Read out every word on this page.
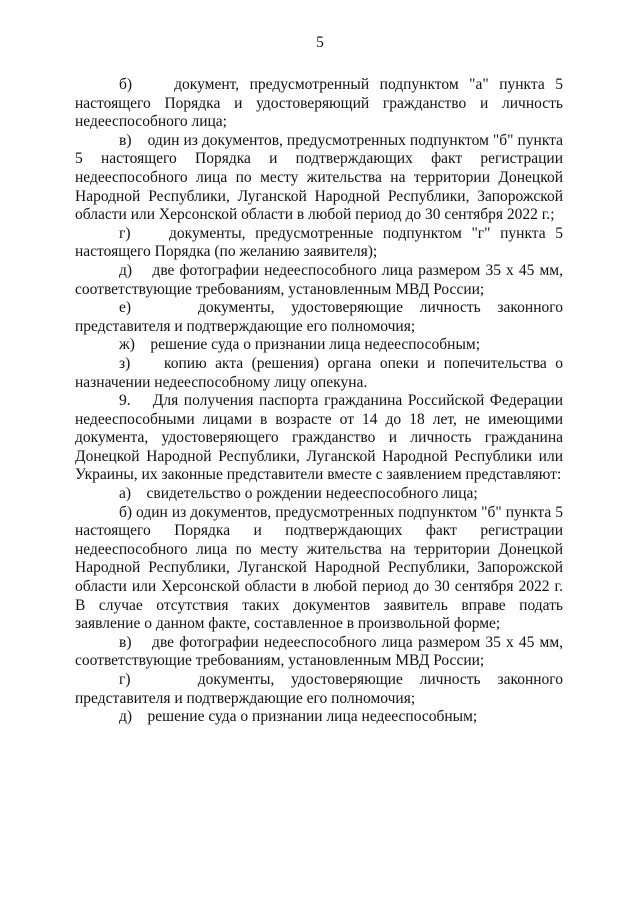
5

б)    документ, предусмотренный подпунктом "а" пункта 5 настоящего Порядка и удостоверяющий гражданство и личность недееспособного лица;

в)    один из документов, предусмотренных подпунктом "б" пункта 5 настоящего Порядка и подтверждающих факт регистрации недееспособного лица по месту жительства на территории Донецкой Народной Республики, Луганской Народной Республики, Запорожской области или Херсонской области в любой период до 30 сентября 2022 г.;

г)    документы, предусмотренные подпунктом "г" пункта 5 настоящего Порядка (по желанию заявителя);

д)    две фотографии недееспособного лица размером 35 x 45 мм, соответствующие требованиям, установленным МВД России;

е)    документы, удостоверяющие личность законного представителя и подтверждающие его полномочия;

ж)    решение суда о признании лица недееспособным;

з)    копию акта (решения) органа опеки и попечительства о назначении недееспособному лицу опекуна.

9.    Для получения паспорта гражданина Российской Федерации недееспособными лицами в возрасте от 14 до 18 лет, не имеющими документа, удостоверяющего гражданство и личность гражданина Донецкой Народной Республики, Луганской Народной Республики или Украины, их законные представители вместе с заявлением представляют:

а)    свидетельство о рождении недееспособного лица;

б) один из документов, предусмотренных подпунктом "б" пункта 5 настоящего Порядка и подтверждающих факт регистрации недееспособного лица по месту жительства на территории Донецкой Народной Республики, Луганской Народной Республики, Запорожской области или Херсонской области в любой период до 30 сентября 2022 г. В случае отсутствия таких документов заявитель вправе подать заявление о данном факте, составленное в произвольной форме;

в)    две фотографии недееспособного лица размером 35 x 45 мм, соответствующие требованиям, установленным МВД России;

г)    документы, удостоверяющие личность законного представителя и подтверждающие его полномочия;

д)    решение суда о признании лица недееспособным;
